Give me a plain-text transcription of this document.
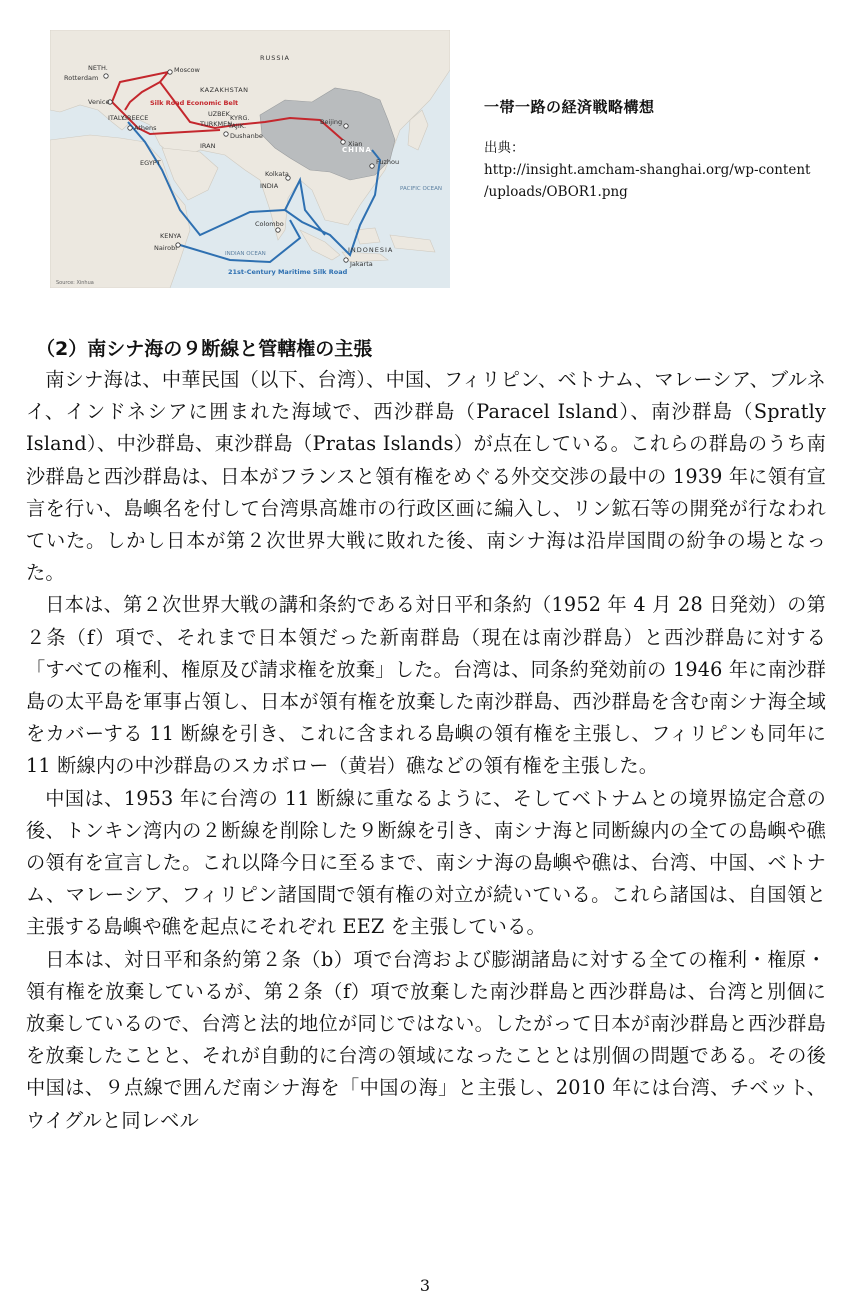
RUSSIA
KAZAKHSTAN
CHINA
Beijing
Xian
Moscow
NETH.
Rotterdam
Venice
ITALY
GREECE
Athens
UZBEK.
TURKMEN.
KYRG.
TAJIK.
Dushanbe
IRAN
EGYPT
INDIA
Kolkata
Colombo
KENYA
Nairobi	INDONESIA
Jakarta
Fuzhou
PACIFIC OCEAN
INDIAN OCEAN
Silk Road Economic Belt
21st-Century Maritime Silk Road
Source: Xinhua
一帯一路の経済戦略構想
出典：
http://insight.amcham-shanghai.org/wp-content
/uploads/OBOR1.png
（2）南シナ海の９断線と管轄権の主張

南シナ海は、中華民国（以下、台湾）、中国、フィリピン、ベトナム、マレーシア、ブルネイ、インドネシアに囲まれた海域で、西沙群島（Paracel Island）、南沙群島（Spratly Island）、中沙群島、東沙群島（Pratas Islands）が点在している。これらの群島のうち南沙群島と西沙群島は、日本がフランスと領有権をめぐる外交交渉の最中の 1939 年に領有宣言を行い、島嶼名を付して台湾県高雄市の行政区画に編入し、リン鉱石等の開発が行なわれていた。しかし日本が第２次世界大戦に敗れた後、南シナ海は沿岸国間の紛争の場となった。

日本は、第２次世界大戦の講和条約である対日平和条約（1952 年 4 月 28 日発効）の第２条（f）項で、それまで日本領だった新南群島（現在は南沙群島）と西沙群島に対する「すべての権利、権原及び請求権を放棄」した。台湾は、同条約発効前の 1946 年に南沙群島の太平島を軍事占領し、日本が領有権を放棄した南沙群島、西沙群島を含む南シナ海全域をカバーする 11 断線を引き、これに含まれる島嶼の領有権を主張し、フィリピンも同年に 11 断線内の中沙群島のスカボロー（黄岩）礁などの領有権を主張した。

中国は、1953 年に台湾の 11 断線に重なるように、そしてベトナムとの境界協定合意の後、トンキン湾内の２断線を削除した９断線を引き、南シナ海と同断線内の全ての島嶼や礁の領有を宣言した。これ以降今日に至るまで、南シナ海の島嶼や礁は、台湾、中国、ベトナム、マレーシア、フィリピン諸国間で領有権の対立が続いている。これら諸国は、自国領と主張する島嶼や礁を起点にそれぞれ EEZ を主張している。

日本は、対日平和条約第２条（b）項で台湾および膨湖諸島に対する全ての権利・権原・領有権を放棄しているが、第２条（f）項で放棄した南沙群島と西沙群島は、台湾と別個に放棄しているので、台湾と法的地位が同じではない。したがって日本が南沙群島と西沙群島を放棄したことと、それが自動的に台湾の領域になったこととは別個の問題である。その後中国は、９点線で囲んだ南シナ海を「中国の海」と主張し、2010 年には台湾、チベット、ウイグルと同レベル

3
